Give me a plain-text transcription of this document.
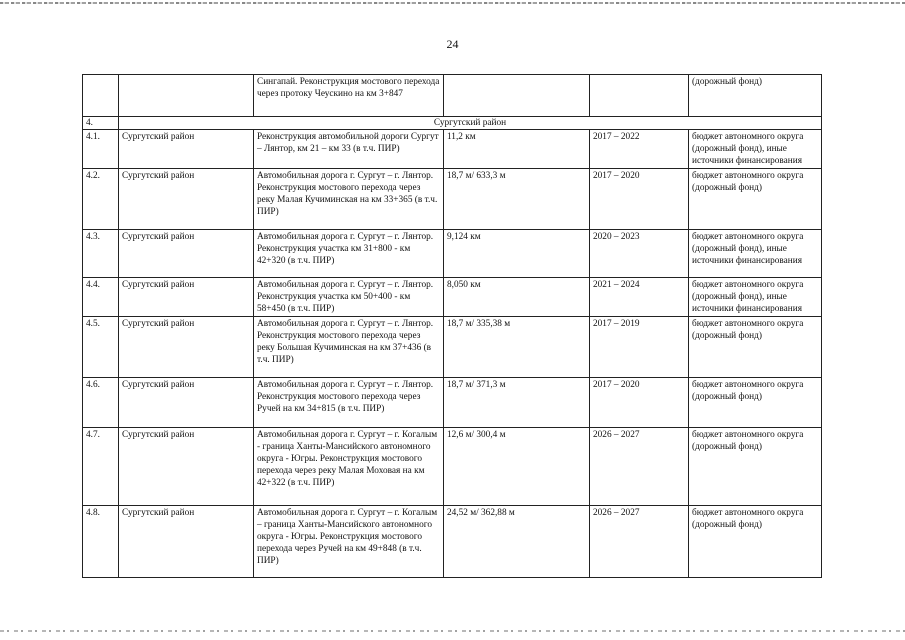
24
		Сингапай. Реконструкция мостового перехода через протоку Чеускино на км 3+847			(дорожный фонд)
4.	Сургутский район				
4.1.	Сургутский район	Реконструкция автомобильной дороги Сургут – Лянтор, км 21 – км 33 (в т.ч. ПИР)	11,2 км	2017 – 2022	бюджет автономного округа (дорожный фонд), иные источники финансирования
4.2.	Сургутский район	Автомобильная дорога г. Сургут – г. Лянтор. Реконструкция мостового перехода через реку Малая Кучиминская на км 33+365 (в т.ч. ПИР)	18,7 м/ 633,3 м	2017 – 2020	бюджет автономного округа (дорожный фонд)
4.3.	Сургутский район	Автомобильная дорога г. Сургут – г. Лянтор. Реконструкция участка км 31+800 - км 42+320 (в т.ч. ПИР)	9,124 км	2020 – 2023	бюджет автономного округа (дорожный фонд), иные источники финансирования
4.4.	Сургутский район	Автомобильная дорога г. Сургут – г. Лянтор. Реконструкция участка км 50+400 - км 58+450 (в т.ч. ПИР)	8,050 км	2021 – 2024	бюджет автономного округа (дорожный фонд), иные источники финансирования
4.5.	Сургутский район	Автомобильная дорога г. Сургут – г. Лянтор. Реконструкция мостового перехода через реку Большая Кучиминская на км 37+436 (в т.ч. ПИР)	18,7 м/ 335,38 м	2017 – 2019	бюджет автономного округа (дорожный фонд)
4.6.	Сургутский район	Автомобильная дорога г. Сургут – г. Лянтор. Реконструкция мостового перехода через Ручей на км 34+815 (в т.ч. ПИР)	18,7 м/ 371,3 м	2017 – 2020	бюджет автономного округа (дорожный фонд)
4.7.	Сургутский район	Автомобильная дорога г. Сургут – г. Когалым - граница Ханты-Мансийского автономного округа - Югры. Реконструкция мостового перехода через реку Малая Моховая на км 42+322 (в т.ч. ПИР)	12,6 м/ 300,4 м	2026 – 2027	бюджет автономного округа (дорожный фонд)
4.8.	Сургутский район	Автомобильная дорога г. Сургут – г. Когалым – граница Ханты-Мансийского автономного округа - Югры. Реконструкция мостового перехода через Ручей на км 49+848 (в т.ч. ПИР)	24,52 м/ 362,88 м	2026 – 2027	бюджет автономного округа (дорожный фонд)
